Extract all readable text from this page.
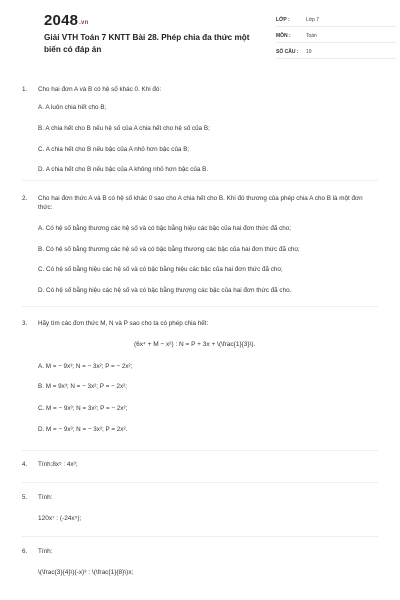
2048.vn
Giải VTH Toán 7 KNTT Bài 28. Phép chia đa thức một biến có đáp án
LỚP :	Lớp 7
MÔN :	Toán
SỐ CÂU :	19
1.	Cho hai đơn A và B có hệ số khác 0. Khi đó:
A. A luôn chia hết cho B;
B. A chia hết cho B nếu hệ số của A chia hết cho hệ số của B;
C. A chia hết cho B nếu bậc của A nhỏ hơn bậc của B;
D. A chia hết cho B nếu bậc của A không nhỏ hơn bậc của B.
2.	Cho hai đơn thức A và B có hệ số khác 0 sao cho A chia hết cho B. Khi đó thương của phép chia A cho B là một đơn thức:
A. Có hệ số bằng thương các hệ số và có bậc bằng hiệu các bậc của hai đơn thức đã cho;
B. Có hệ số bằng thương các hệ số và có bậc bằng thương các bậc của hai đơn thức đã cho;
C. Có hệ số bằng hiệu các hệ số và có bậc bằng hiệu các bậc của hai đơn thức đã cho;
D. Có hệ số bằng hiệu các hệ số và có bậc bằng thương các bậc của hai đơn thức đã cho.
3.	Hãy tìm các đơn thức M, N và P sao cho ta có phép chia hết:
(6x⁴ + M − x²) : N = P + 3x + \(\frac{1}{3}\).
A. M = − 9x³; N = − 3x²; P = − 2x²;
B. M = 9x³; N = − 3x²; P = − 2x²;
C. M = − 9x³; N = 3x²; P = − 2x²;
D. M = − 9x³; N = − 3x²; P = 2x².
4.	Tính:8x⁵ : 4x³;
5.	Tính:
120x⁷ : (-24x⁵);
6.	Tính:
\(\frac{3}{4}\)(-x)³ : \(\frac{1}{8}\)x;
